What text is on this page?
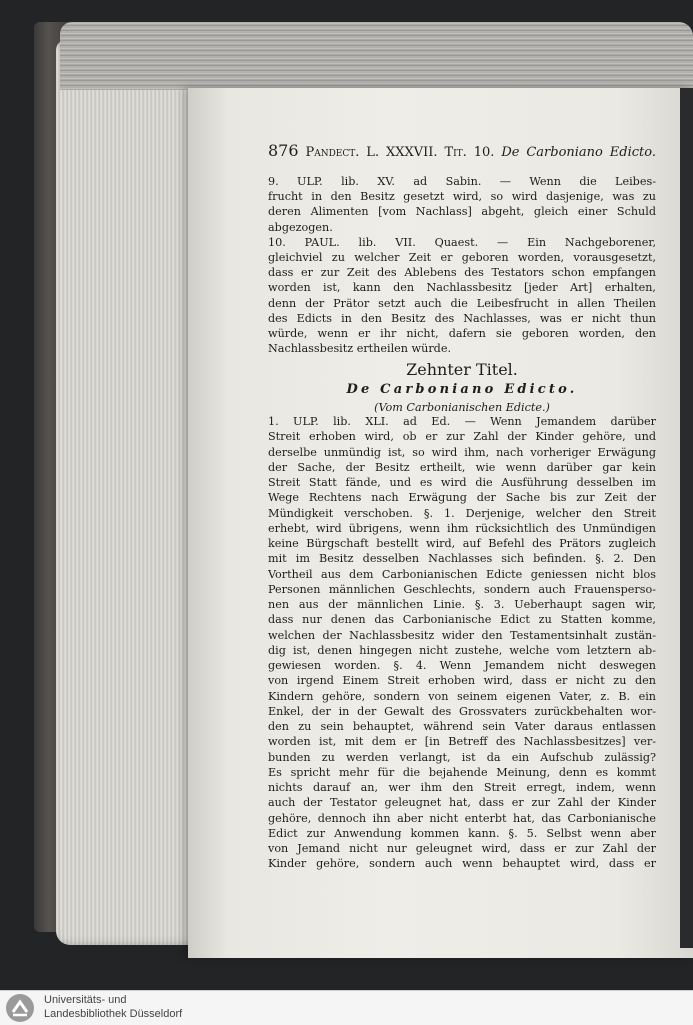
876 Pandect. L. XXXVII. Tit. 10. De Carboniano Edicto.
9. ULP. lib. XV. ad Sabin. — Wenn die Leibes-
frucht in den Besitz gesetzt wird, so wird dasjenige, was zu
deren Alimenten [vom Nachlass] abgeht, gleich einer Schuld
abgezogen.
10. PAUL. lib. VII. Quaest. — Ein Nachgeborener,
gleichviel zu welcher Zeit er geboren worden, vorausgesetzt,
dass er zur Zeit des Ablebens des Testators schon empfangen
worden ist, kann den Nachlassbesitz [jeder Art] erhalten,
denn der Prätor setzt auch die Leibesfrucht in allen Theilen
des Edicts in den Besitz des Nachlasses, was er nicht thun
würde, wenn er ihr nicht, dafern sie geboren worden, den
Nachlassbesitz ertheilen würde.
Zehnter Titel.
De Carboniano Edicto.
(Vom Carbonianischen Edicte.)
1. ULP. lib. XLI. ad Ed. — Wenn Jemandem darüber
Streit erhoben wird, ob er zur Zahl der Kinder gehöre, und
derselbe unmündig ist, so wird ihm, nach vorheriger Erwägung
der Sache, der Besitz ertheilt, wie wenn darüber gar kein
Streit Statt fände, und es wird die Ausführung desselben im
Wege Rechtens nach Erwägung der Sache bis zur Zeit der
Mündigkeit verschoben. §. 1. Derjenige, welcher den Streit
erhebt, wird übrigens, wenn ihm rücksichtlich des Unmündigen
keine Bürgschaft bestellt wird, auf Befehl des Prätors zugleich
mit im Besitz desselben Nachlasses sich befinden. §. 2. Den
Vortheil aus dem Carbonianischen Edicte geniessen nicht blos
Personen männlichen Geschlechts, sondern auch Frauensperso-
nen aus der männlichen Linie. §. 3. Ueberhaupt sagen wir,
dass nur denen das Carbonianische Edict zu Statten komme,
welchen der Nachlassbesitz wider den Testamentsinhalt zustän-
dig ist, denen hingegen nicht zustehe, welche vom letztern ab-
gewiesen worden. §. 4. Wenn Jemandem nicht deswegen
von irgend Einem Streit erhoben wird, dass er nicht zu den
Kindern gehöre, sondern von seinem eigenen Vater, z. B. ein
Enkel, der in der Gewalt des Grossvaters zurückbehalten wor-
den zu sein behauptet, während sein Vater daraus entlassen
worden ist, mit dem er [in Betreff des Nachlassbesitzes] ver-
bunden zu werden verlangt, ist da ein Aufschub zulässig?
Es spricht mehr für die bejahende Meinung, denn es kommt
nichts darauf an, wer ihm den Streit erregt, indem, wenn
auch der Testator geleugnet hat, dass er zur Zahl der Kinder
gehöre, dennoch ihn aber nicht enterbt hat, das Carbonianische
Edict zur Anwendung kommen kann. §. 5. Selbst wenn aber
von Jemand nicht nur geleugnet wird, dass er zur Zahl der
Kinder gehöre, sondern auch wenn behauptet wird, dass er
Universitäts- und
Landesbibliothek Düsseldorf
